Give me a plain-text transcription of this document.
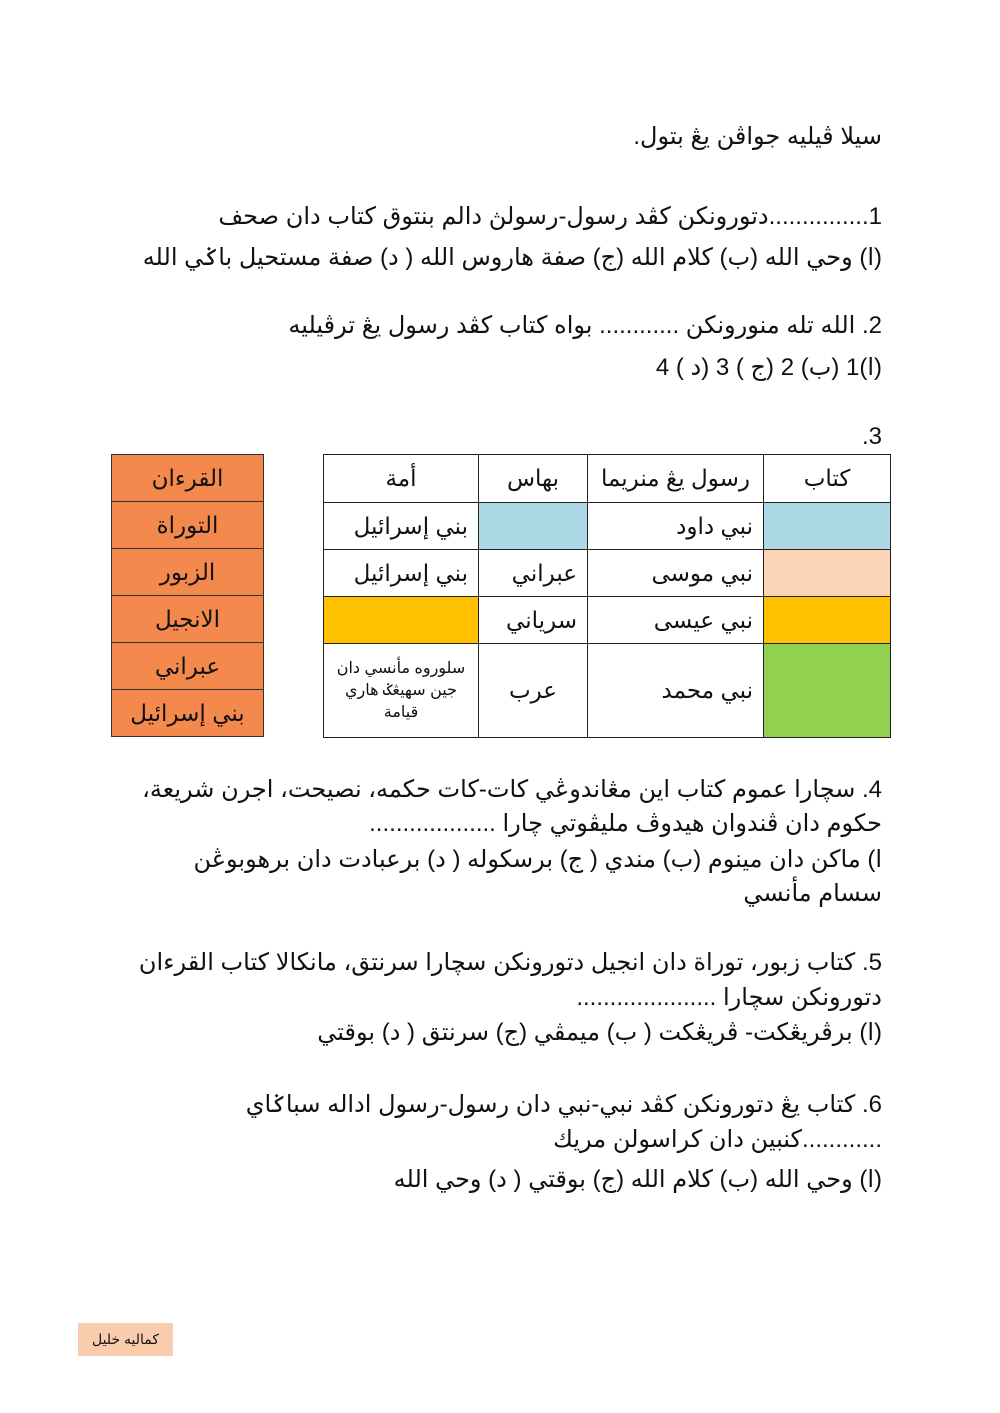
سيلا ڤيليه جواڤن يڠ بتول.
1...............دتورونكن كڤد رسول-رسولڽ دالم بنتوق كتاب دان صحف
(ا) وحي الله (ب) كلام الله (ج) صفة هاروس الله ( د) صفة مستحيل باݢي الله
2. الله تله منورونكن ............ بواه كتاب كڤد رسول يڠ ترڤيليه
(ا)1 (ب) 2 (ج ) 3 (د ) 4
3.
كتاب	رسول يڠ منريما	بهاس	أمة
	نبي داود		بني إسرائيل
	نبي موسى	عبراني	بني إسرائيل
	نبي عيسى	سرياني	
	نبي محمد	عرب	سلوروه مأنسي دان جين سهيڠݢ هاري قيامة
القرءان
التوراة
الزبور
الانجيل
عبراني
بني إسرائيل
4. سچارا عموم كتاب اين مڠاندوڠي كات-كات حكمه، نصيحت، اجرن شريعة،
حكوم دان ڤندوان هيدوڤ مليڤوتي چارا ...................
ا) ماكن دان مينوم (ب) مندي ( ج) برسكوله ( د) برعبادت دان برهوبوڠن
سسام مأنسي
5. كتاب زبور، توراة دان انجيل دتورونكن سچارا سرنتق، مانكالا كتاب القرءان
دتورونكن سچارا .....................
(ا) برڤريڠكت- ڤريڠكت ( ب) ميمڤي (ج) سرنتق ( د) بوقتي
6. كتاب يڠ دتورونكن كڤد نبي-نبي دان رسول-رسول اداله سباݢاي
............كنبين دان كراسولن مريك
(ا) وحي الله (ب) كلام الله (ج) بوقتي ( د) وحي الله
كماليه خليل
